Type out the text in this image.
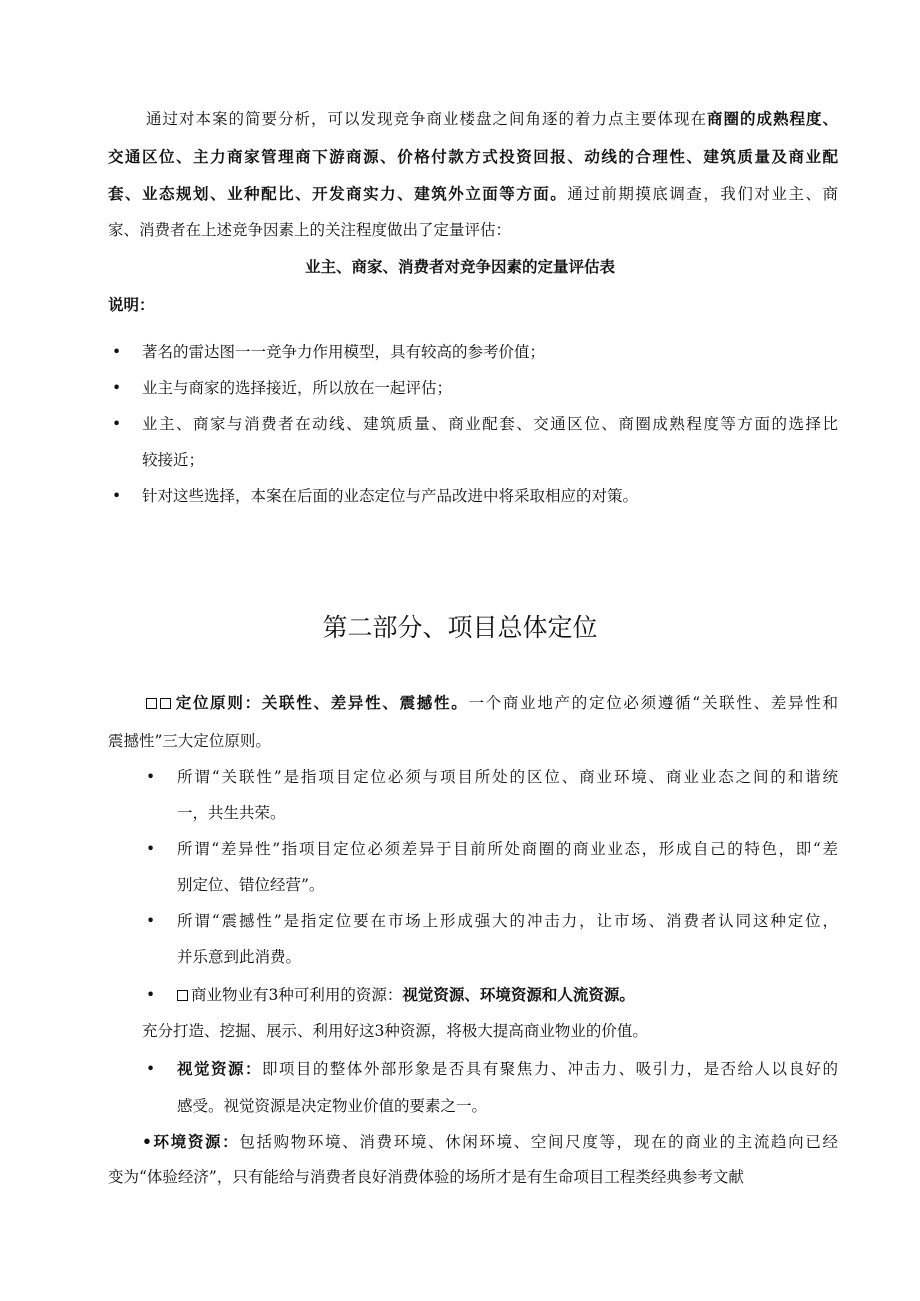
通过对本案的简要分析，可以发现竞争商业楼盘之间角逐的着力点主要体现在商圈的成熟程度、
交通区位、主力商家管理商下游商源、价格付款方式投资回报、动线的合理性、建筑质量及商业配
套、业态规划、业种配比、开发商实力、建筑外立面等方面。通过前期摸底调查，我们对业主、商
家、消费者在上述竞争因素上的关注程度做出了定量评估：
业主、商家、消费者对竞争因素的定量评估表
说明：
• 著名的雷达图一一竞争力作用模型，具有较高的参考价值；
• 业主与商家的选择接近，所以放在一起评估；
• 业主、商家与消费者在动线、建筑质量、商业配套、交通区位、商圈成熟程度等方面的选择比
较接近；
• 针对这些选择，本案在后面的业态定位与产品改进中将采取相应的对策。
第二部分、项目总体定位
定位原则：关联性、差异性、震撼性。一个商业地产的定位必须遵循“关联性、差异性和
震撼性”三大定位原则。
• 所谓“关联性”是指项目定位必须与项目所处的区位、商业环境、商业业态之间的和谐统
一，共生共荣。
• 所谓“差异性”指项目定位必须差异于目前所处商圈的商业业态，形成自己的特色，即“差
别定位、错位经营”。
• 所谓“震撼性”是指定位要在市场上形成强大的冲击力，让市场、消费者认同这种定位，
并乐意到此消费。
•	商业物业有3种可利用的资源：视觉资源、环境资源和人流资源。
充分打造、挖掘、展示、利用好这3种资源，将极大提高商业物业的价值。
• 视觉资源：即项目的整体外部形象是否具有聚焦力、冲击力、吸引力，是否给人以良好的
感受。视觉资源是决定物业价值的要素之一。
•环境资源：包括购物环境、消费环境、休闲环境、空间尺度等，现在的商业的主流趋向已经
变为“体验经济”，只有能给与消费者良好消费体验的场所才是有生命项目工程类经典参考文献
